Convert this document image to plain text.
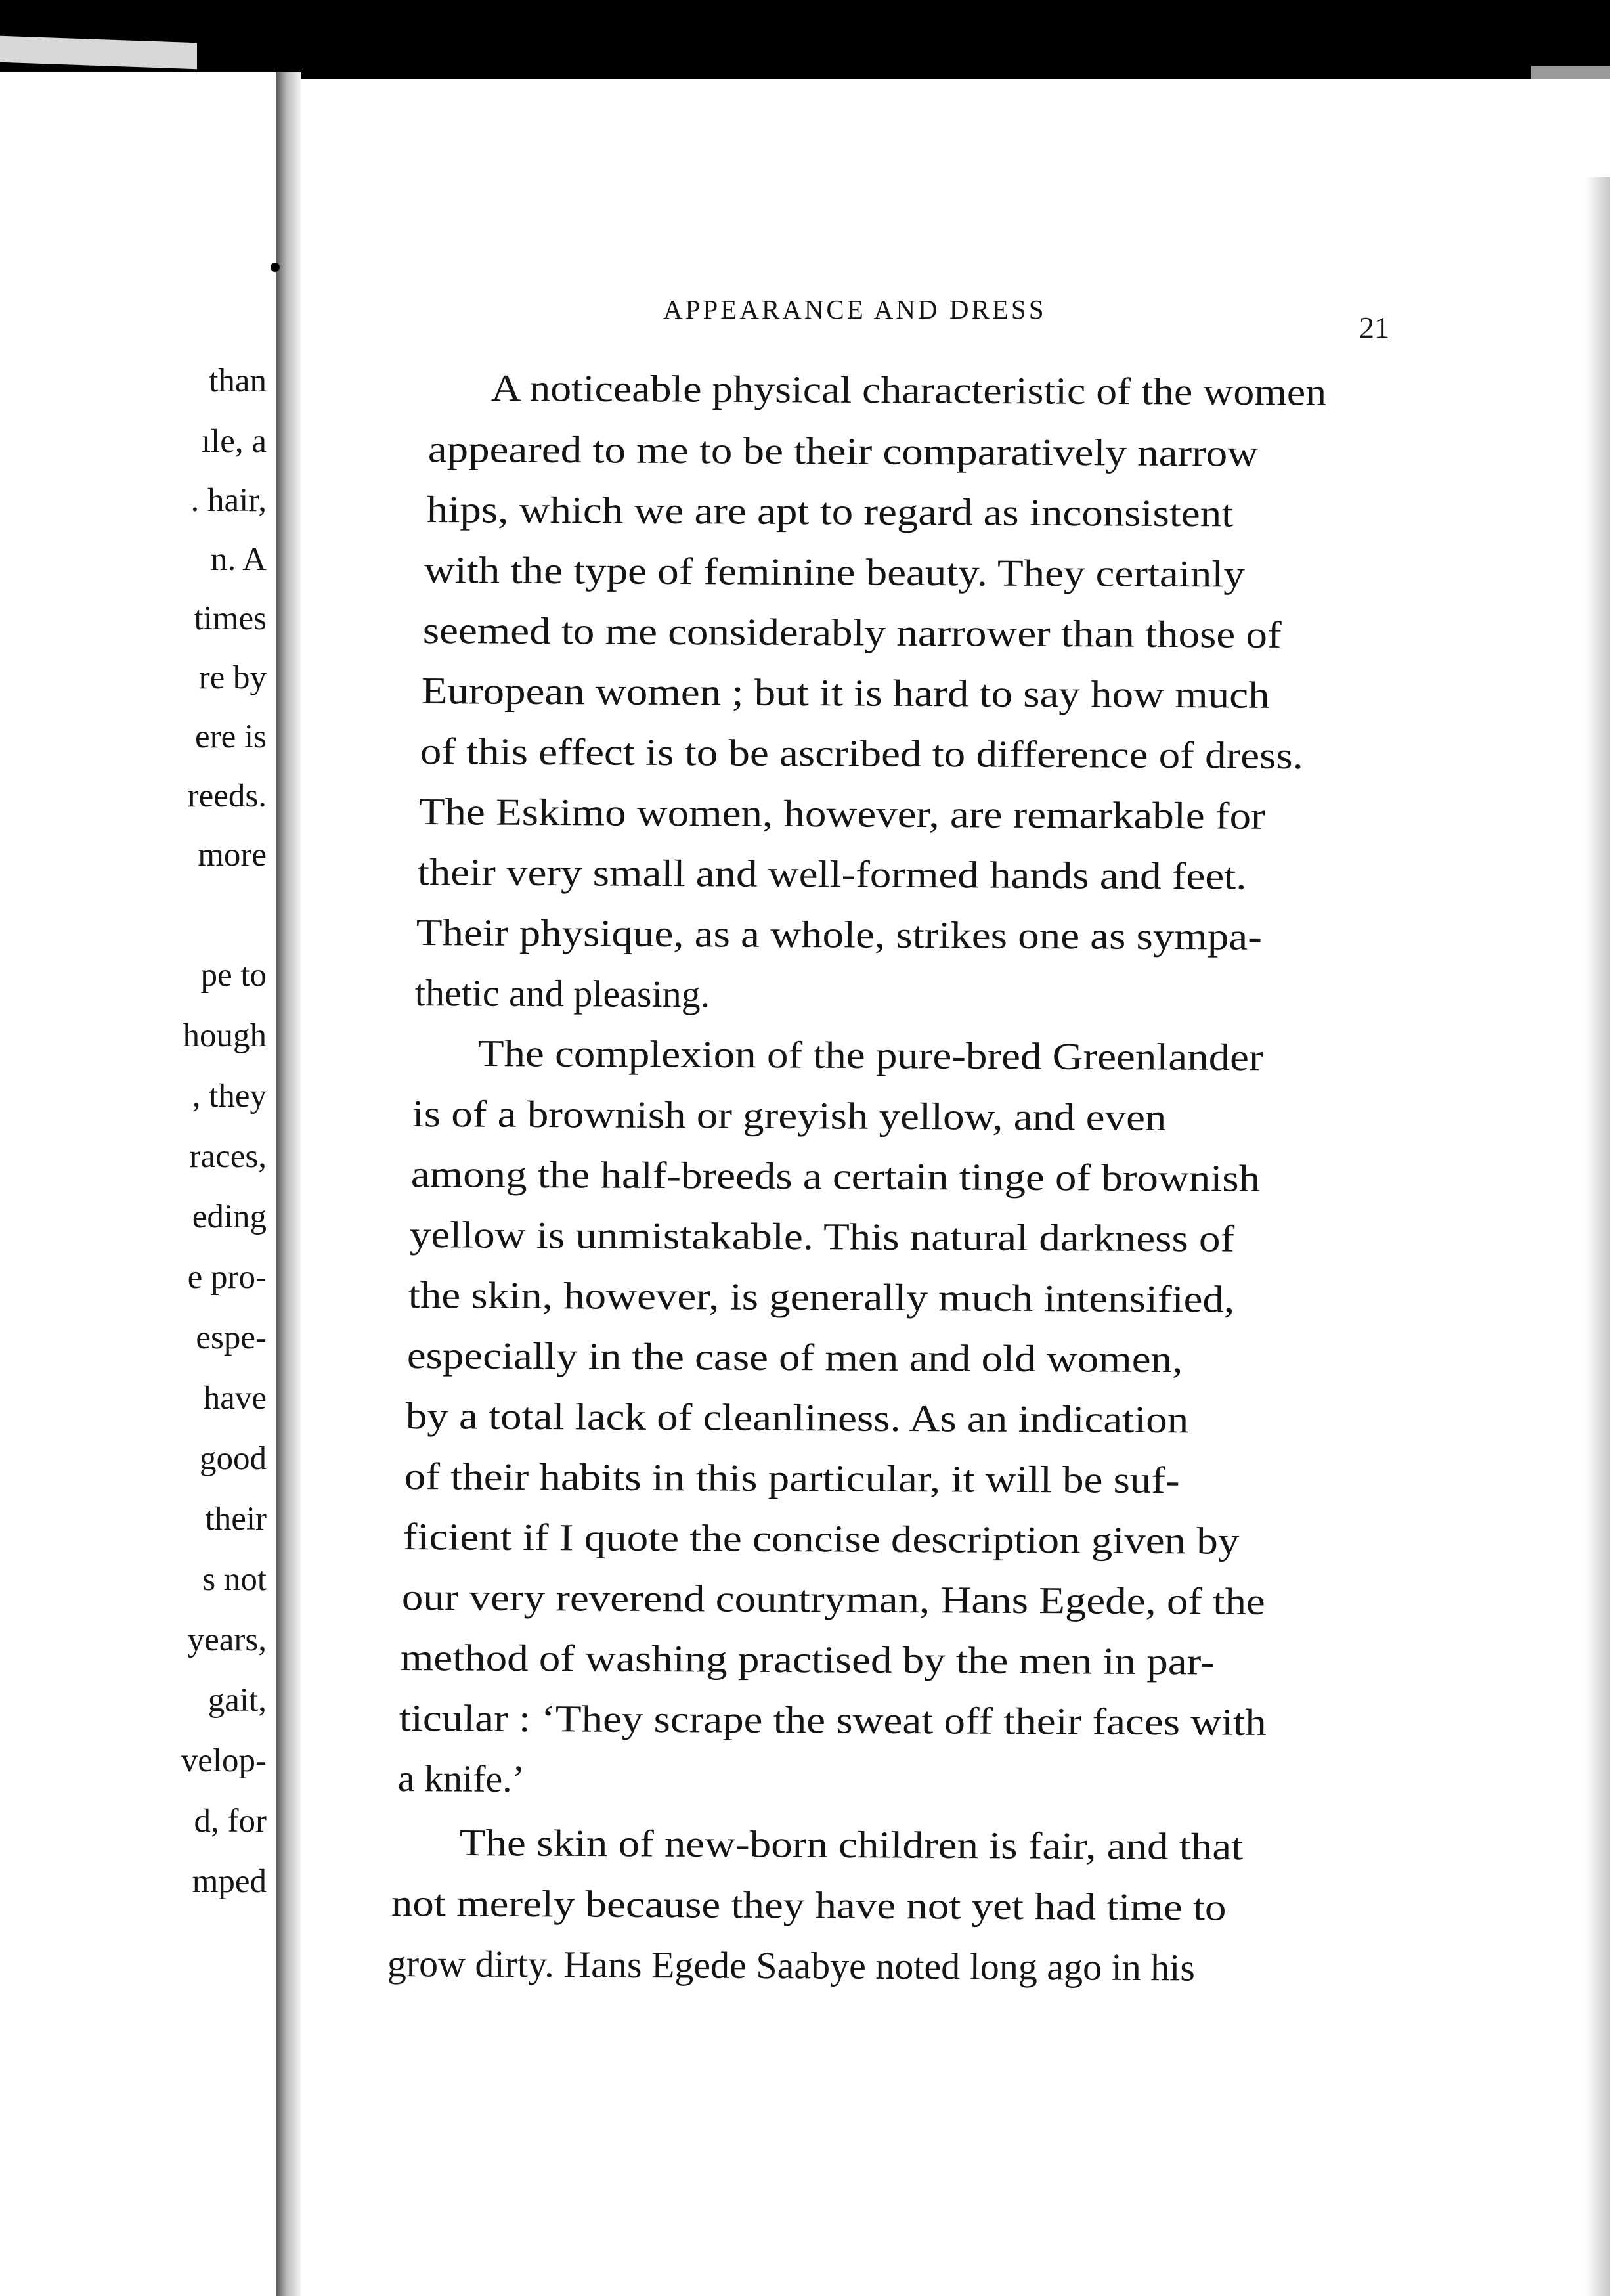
than
ıle, a
. hair,
n. A
times
re by
ere is
reeds.
more
pe to
hough
, they
races,
eding
e pro-
espe-
have
good
their
s not
years,
gait,
velop-
d, for
mped
APPEARANCE AND DRESS
21
A noticeable physical characteristic of the women
appeared to me to be their comparatively narrow
hips, which we are apt to regard as inconsistent
with the type of feminine beauty. They certainly
seemed to me considerably narrower than those of
European women ; but it is hard to say how much
of this effect is to be ascribed to difference of dress.
The Eskimo women, however, are remarkable for
their very small and well-formed hands and feet.
Their physique, as a whole, strikes one as sympa-
thetic and pleasing.
The complexion of the pure-bred Greenlander
is of a brownish or greyish yellow, and even
among the half-breeds a certain tinge of brownish
yellow is unmistakable. This natural darkness of
the skin, however, is generally much intensified,
especially in the case of men and old women,
by a total lack of cleanliness. As an indication
of their habits in this particular, it will be suf-
ficient if I quote the concise description given by
our very reverend countryman, Hans Egede, of the
method of washing practised by the men in par-
ticular : ‘They scrape the sweat off their faces with
a knife.’
The skin of new-born children is fair, and that
not merely because they have not yet had time to
grow dirty. Hans Egede Saabye noted long ago in his
